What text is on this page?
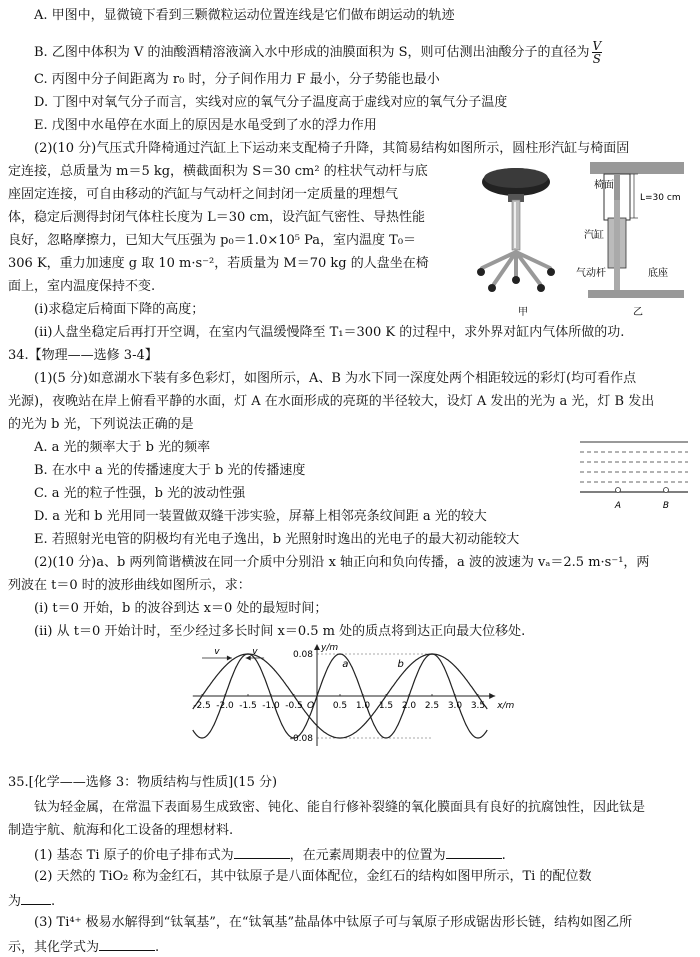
A. 甲图中，显微镜下看到三颗微粒运动位置连线是它们做布朗运动的轨迹
B. 乙图中体积为 V 的油酸酒精溶液滴入水中形成的油膜面积为 S，则可估测出油酸分子的直径为 $\frac{V}{S}$
C. 丙图中分子间距离为 r₀ 时，分子间作用力 F 最小，分子势能也最小
D. 丁图中对氧气分子而言，实线对应的氧气分子温度高于虚线对应的氧气分子温度
E. 戊图中水黾停在水面上的原因是水黾受到了水的浮力作用
(2)(10 分)气压式升降椅通过汽缸上下运动来支配椅子升降，其简易结构如图所示，圆柱形汽缸与椅面固
定连接，总质量为 m＝5 kg，横截面积为 S＝30 cm² 的柱状气动杆与底
座固定连接，可自由移动的汽缸与气动杆之间封闭一定质量的理想气
体，稳定后测得封闭气体柱长度为 L＝30 cm，设汽缸气密性、导热性能
良好，忽略摩擦力，已知大气压强为 p₀＝1.0×10⁵ Pa，室内温度 T₀＝
306 K，重力加速度 g 取 10 m·s⁻²，若质量为 M＝70 kg 的人盘坐在椅
面上，室内温度保持不变.
(ⅰ)求稳定后椅面下降的高度；
(ⅱ)人盘坐稳定后再打开空调，在室内气温缓慢降至 T₁＝300 K 的过程中，求外界对缸内气体所做的功.
甲
椅面
L=30 cm
汽缸
气动杆	底座
乙
34.【物理——选修 3-4】
(1)(5 分)如意湖水下装有多色彩灯，如图所示，A、B 为水下同一深度处两个相距较远的彩灯(均可看作点
光源)，夜晚站在岸上俯看平静的水面，灯 A 在水面形成的亮斑的半径较大，设灯 A 发出的光为 a 光，灯 B 发出
的光为 b 光，下列说法正确的是
A. a 光的频率大于 b 光的频率
B. 在水中 a 光的传播速度大于 b 光的传播速度
C. a 光的粒子性强，b 光的波动性强
D. a 光和 b 光用同一装置做双缝干涉实验，屏幕上相邻亮条纹间距 a 光的较大
E. 若照射光电管的阴极均有光电子逸出，b 光照射时逸出的光电子的最大初动能较大
A	B
(2)(10 分)a、b 两列简谐横波在同一介质中分别沿 x 轴正向和负向传播，a 波的波速为 vₐ＝2.5 m·s⁻¹，两
列波在 t＝0 时的波形曲线如图所示，求：
(ⅰ) t＝0 开始，b 的波谷到达 x＝0 处的最短时间；
(ⅱ) 从 t＝0 开始计时，至少经过多长时间 x＝0.5 m 处的质点将到达正向最大位移处.
y/m
x/m
O
-2.5 -2.0 -1.5 -1.0 -0.5	0.5 1.0 1.5 2.0 2.5 3.0 3.5
0.08
-0.08
a	b
v	v
35.[化学——选修 3：物质结构与性质](15 分)
钛为轻金属，在常温下表面易生成致密、钝化、能自行修补裂缝的氧化膜面具有良好的抗腐蚀性，因此钛是
制造宇航、航海和化工设备的理想材料.
(1) 基态 Ti 原子的价电子排布式为	，在元素周期表中的位置为	.
(2) 天然的 TiO₂ 称为金红石，其中钛原子是八面体配位，金红石的结构如图甲所示，Ti 的配位数
为 .
(3) Ti⁴⁺ 极易水解得到“钛氧基”，在“钛氧基”盐晶体中钛原子可与氧原子形成锯齿形长链，结构如图乙所
示，其化学式为	.
